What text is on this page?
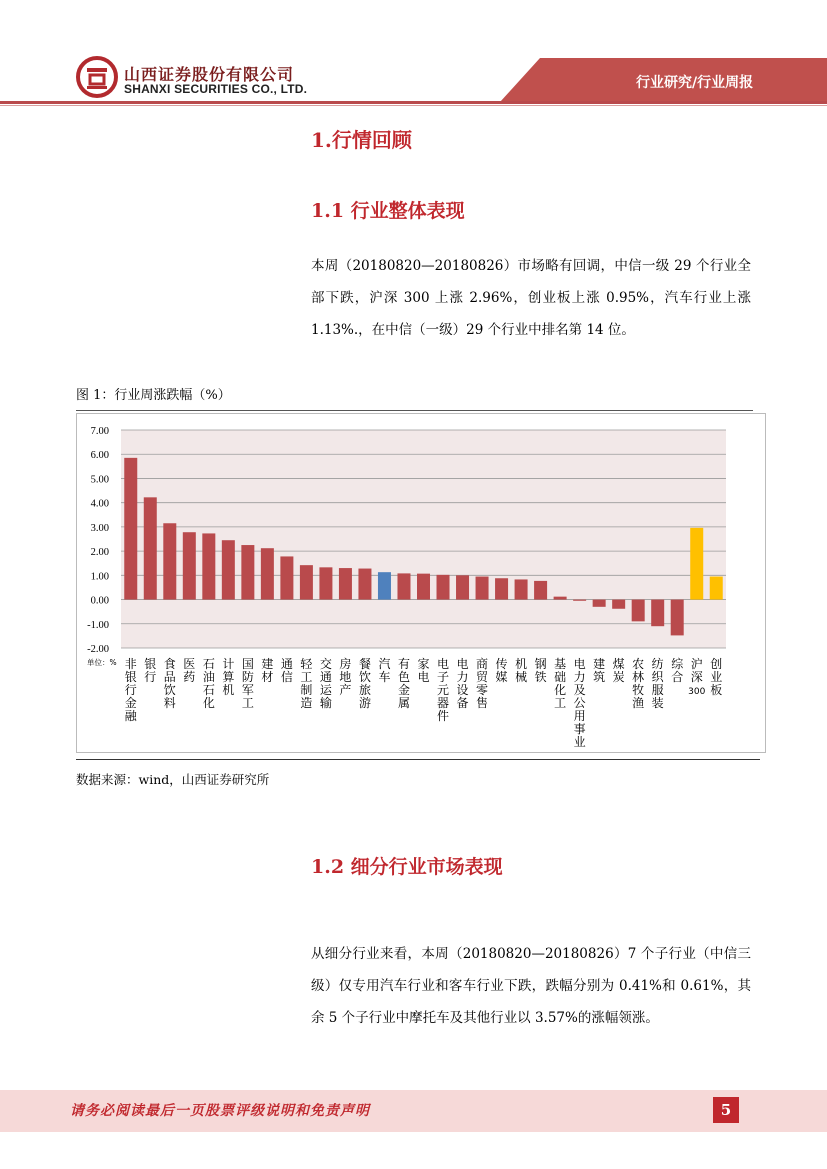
山西证券股份有限公司
SHANXI SECURITIES CO., LTD.	行业研究/行业周报
1.行情回顾
1.1 行业整体表现

本周（20180820—20180826）市场略有回调，中信一级 29 个行业全部下跌，沪深 300 上涨 2.96%，创业板上涨 0.95%，汽车行业上涨 1.13%.，在中信（一级）29 个行业中排名第 14 位。

图 1：行业周涨跌幅（%）
7.00
6.00
5.00
4.00
3.00
2.00
1.00
0.00
-1.00
-2.00
单位：% 非银行金融
银行
食品饮料
医药
石油石化
计算机
国防军工
建材
通信
轻工制造
交通运输
房地产
餐饮旅游
汽车
有色金属
家电
电子元器件
电力设备
商贸零售
传媒
机械
钢铁
基础化工
电力及公用事业
建筑
煤炭
农林牧渔
纺织服装
综合
沪深 300
创业板
数据来源：wind，山西证券研究所
1.2 细分行业市场表现

从细分行业来看，本周（20180820—20180826）7 个子行业（中信三级）仅专用汽车行业和客车行业下跌，跌幅分别为 0.41%和 0.61%，其余 5 个子行业中摩托车及其他行业以 3.57%的涨幅领涨。

请务必阅读最后一页股票评级说明和免责声明	5
